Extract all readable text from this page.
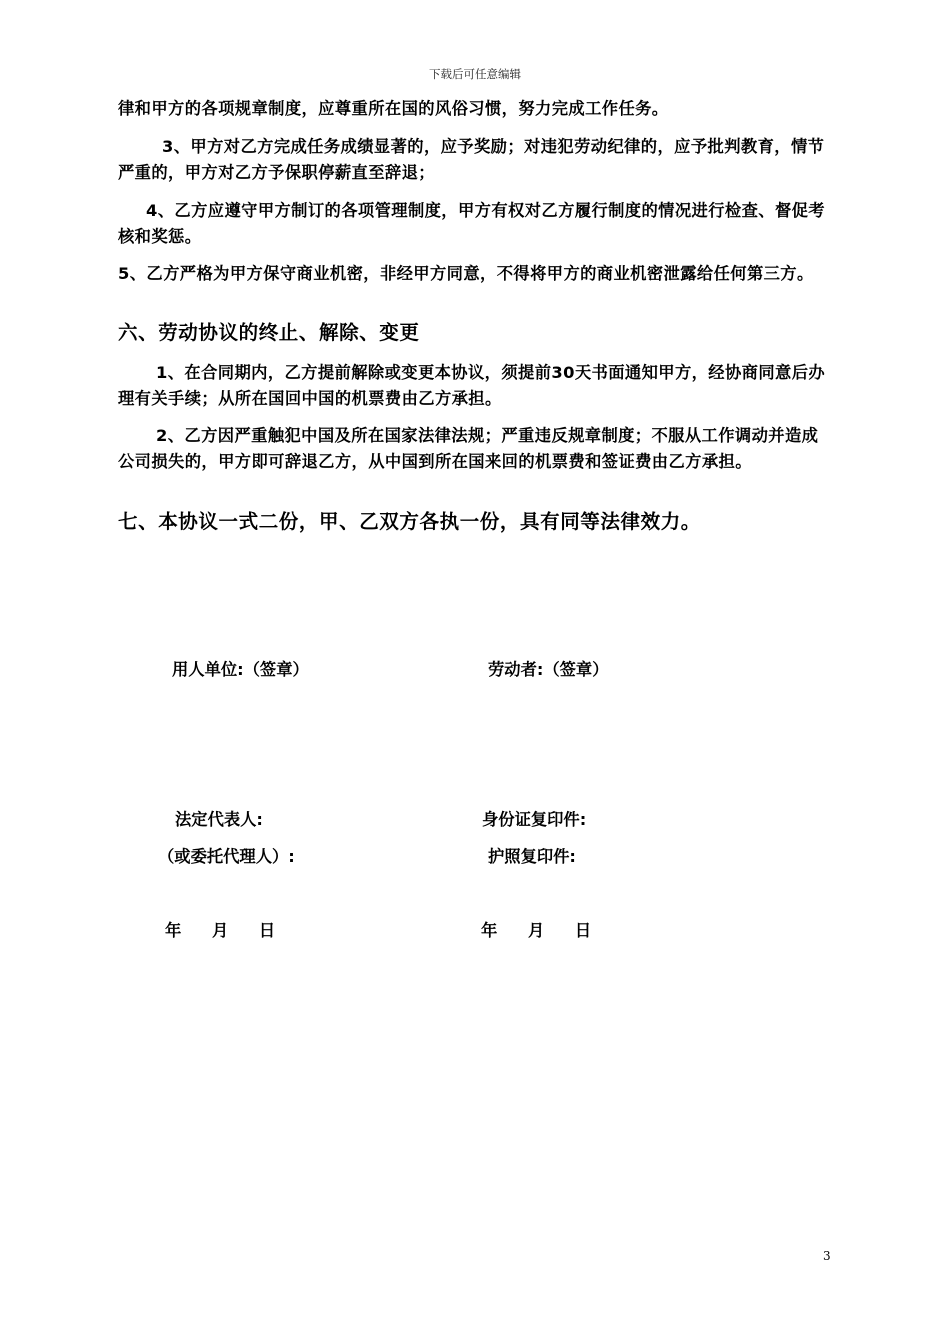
下载后可任意编辑
律和甲方的各项规章制度，应尊重所在国的风俗习惯，努力完成工作任务。
3、甲方对乙方完成任务成绩显著的，应予奖励；对违犯劳动纪律的，应予批判教育，情节严重的，甲方对乙方予保职停薪直至辞退；
4、乙方应遵守甲方制订的各项管理制度，甲方有权对乙方履行制度的情况进行检查、督促考核和奖惩。
5、乙方严格为甲方保守商业机密，非经甲方同意，不得将甲方的商业机密泄露给任何第三方。
六、劳动协议的终止、解除、变更
1、在合同期内，乙方提前解除或变更本协议，须提前30天书面通知甲方，经协商同意后办理有关手续；从所在国回中国的机票费由乙方承担。
2、乙方因严重触犯中国及所在国家法律法规；严重违反规章制度；不服从工作调动并造成公司损失的，甲方即可辞退乙方，从中国到所在国来回的机票费和签证费由乙方承担。
七、本协议一式二份，甲、乙双方各执一份，具有同等法律效力。
用人单位:（签章）	劳动者:（签章）
法定代表人:	身份证复印件:
（或委托代理人）:	护照复印件:
年    月    日	年    月    日
3
